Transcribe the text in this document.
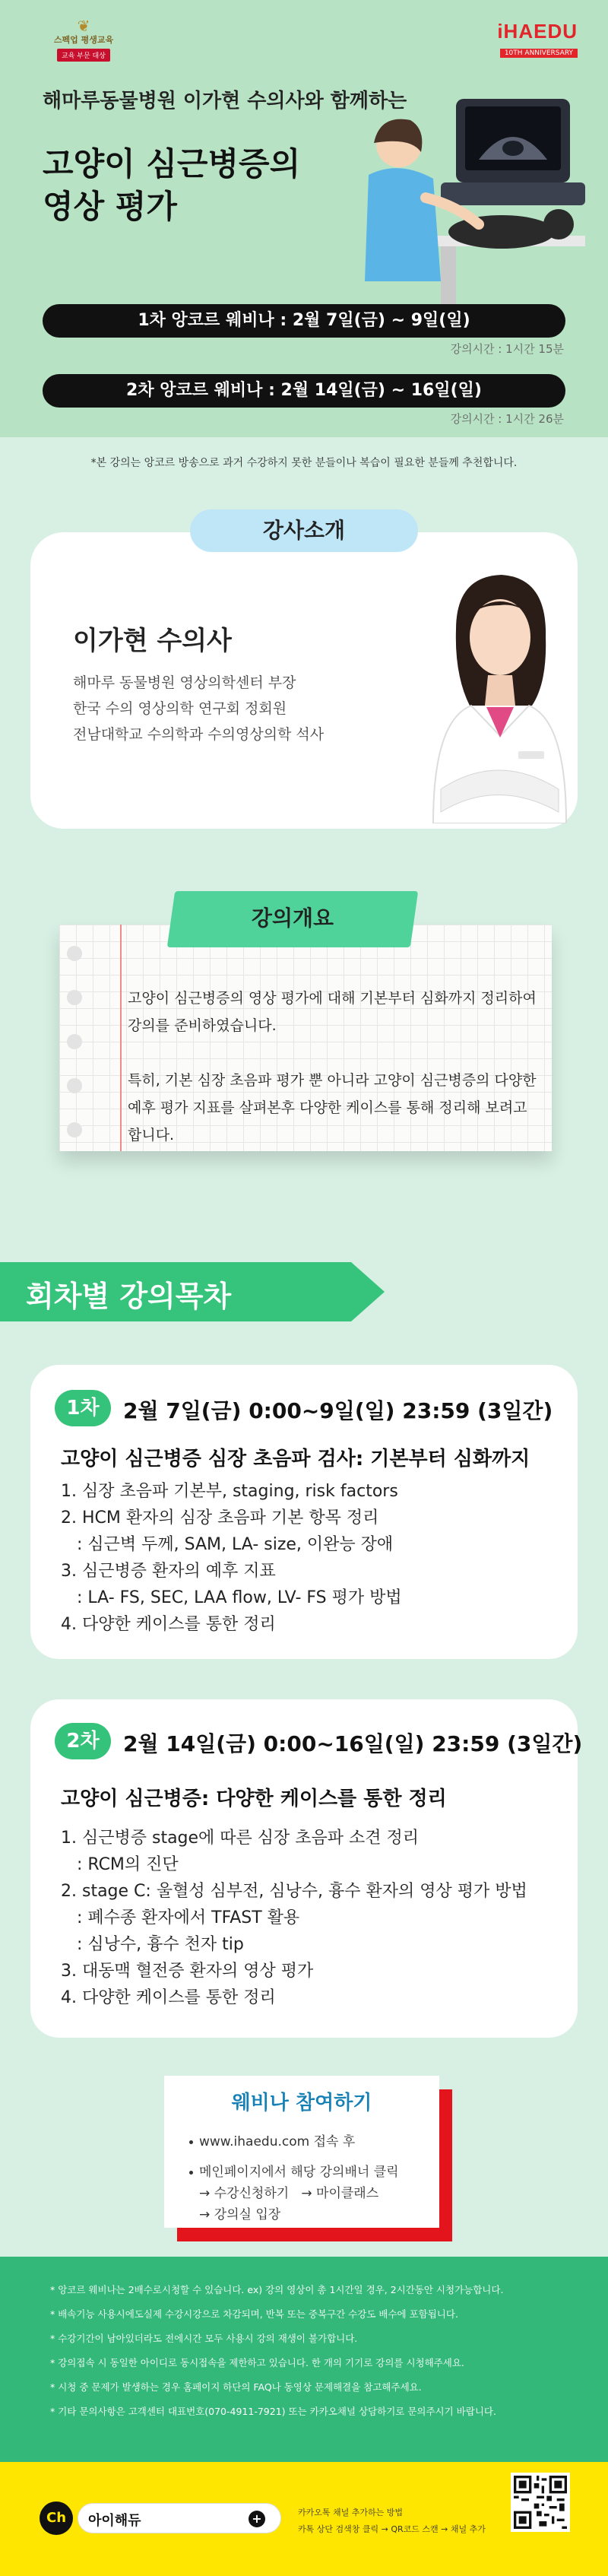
❦
스펙업 평생교육
교육 부문 대상
iHAEDU
10TH ANNIVERSARY
해마루동물병원 이가현 수의사와 함께하는
고양이 심근병증의
영상 평가
1차 앙코르 웨비나 : 2월 7일(금) ~ 9일(일)
강의시간 : 1시간 15분
2차 앙코르 웨비나 : 2월 14일(금) ~ 16일(일)
강의시간 : 1시간 26분
*본 강의는 앙코르 방송으로 과거 수강하지 못한 분들이나 복습이 필요한 분들께 추천합니다.
강사소개
이가현 수의사
해마루 동물병원 영상의학센터 부장
한국 수의 영상의학 연구회 정회원
전남대학교 수의학과 수의영상의학 석사
강의개요
고양이 심근병증의 영상 평가에 대해 기본부터 심화까지 정리하여 강의를 준비하였습니다.
특히, 기본 심장 초음파 평가 뿐 아니라 고양이 심근병증의 다양한 예후 평가 지표를 살펴본후 다양한 케이스를 통해 정리해 보려고 합니다.
회차별 강의목차
1차	2월 7일(금) 0:00~9일(일) 23:59 (3일간)
고양이 심근병증 심장 초음파 검사: 기본부터 심화까지
1. 심장 초음파 기본부, staging, risk factors
2. HCM 환자의 심장 초음파 기본 항목 정리
: 심근벽 두께, SAM, LA- size, 이완능 장애
3. 심근병증 환자의 예후 지표
: LA- FS, SEC, LAA flow, LV- FS 평가 방법
4. 다양한 케이스를 통한 정리
2차	2월 14일(금) 0:00~16일(일) 23:59 (3일간)
고양이 심근병증: 다양한 케이스를 통한 정리
1. 심근병증 stage에 따른 심장 초음파 소견 정리
: RCM의 진단
2. stage C: 울혈성 심부전, 심낭수, 흉수 환자의 영상 평가 방법
: 폐수종 환자에서 TFAST 활용
: 심낭수, 흉수 천자 tip
3. 대동맥 혈전증 환자의 영상 평가
4. 다양한 케이스를 통한 정리
웨비나 참여하기
www.ihaedu.com 접속 후
메인페이지에서 해당 강의배너 클릭
→ 수강신청하기   → 마이클래스
→ 강의실 입장
* 앙코르 웨비나는 2배수로시청할 수 있습니다. ex) 강의 영상이 총 1시간일 경우, 2시간동안 시청가능합니다.
* 배속기능 사용시에도실제 수강시강으로 차감되며, 반복 또는 중복구간 수강도 배수에 포함됩니다.
* 수강기간이 남아있더라도 전에시간 모두 사용시 강의 재생이 불가합니다.
* 강의접속 시 동일한 아이디로 동시접속을 제한하고 있습니다. 한 개의 기기로 강의를 시청해주세요.
* 시청 중 문제가 발생하는 경우 홈페이지 하단의 FAQ나 동영상 문제해결을 참고해주세요.
* 기타 문의사항은 고객센터 대표번호(070-4911-7921) 또는 카카오채널 상담하기로 문의주시기 바랍니다.
Ch	아이해듀	+	카카오톡 채널 추가하는 방법
카톡 상단 검색창 클릭 → QR코드 스캔 → 채널 추가
